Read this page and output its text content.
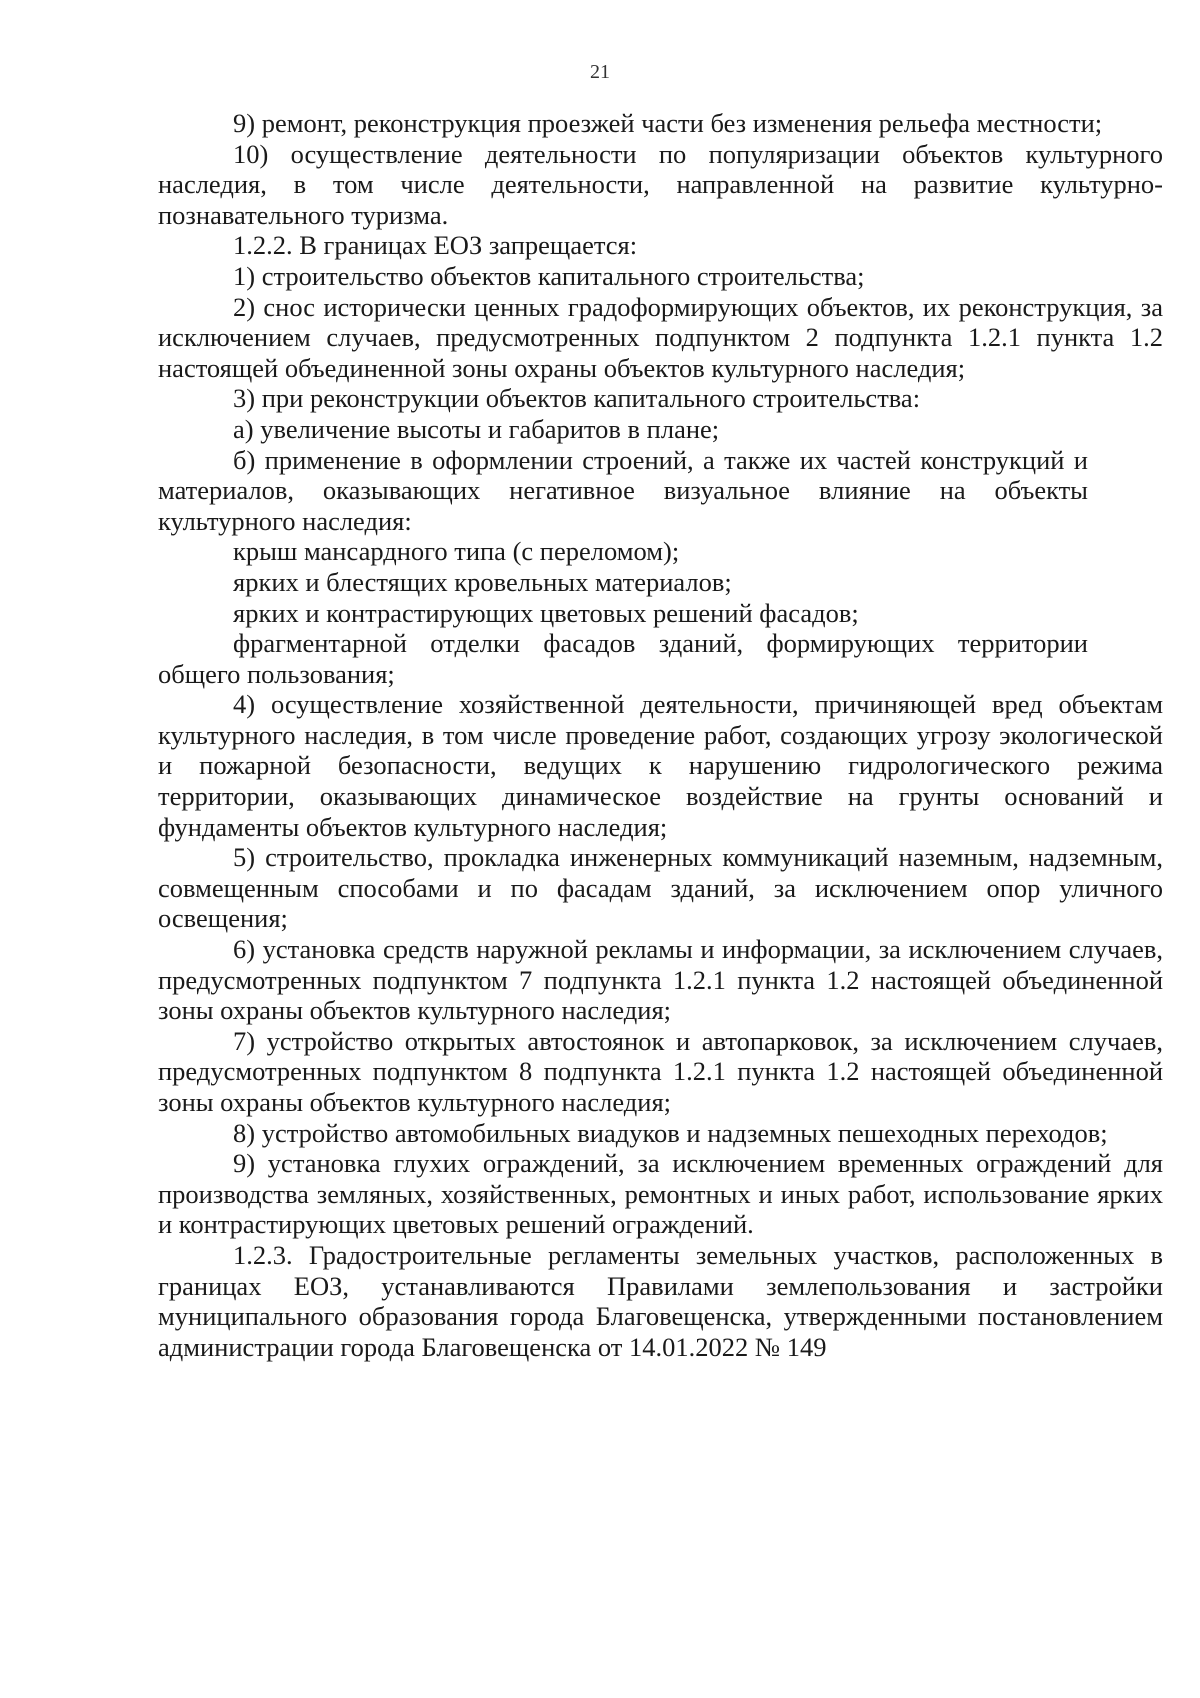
21

9) ремонт, реконструкция проезжей части без изменения рельефа местности;

10) осуществление деятельности по популяризации объектов культурного наследия, в том числе деятельности, направленной на развитие культурно-познавательного туризма.

1.2.2. В границах ЕОЗ запрещается:

1) строительство объектов капитального строительства;

2) снос исторически ценных градоформирующих объектов, их реконструкция, за исключением случаев, предусмотренных подпунктом 2 подпункта 1.2.1 пункта 1.2 настоящей объединенной зоны охраны объектов культурного наследия;

3) при реконструкции объектов капитального строительства:

а) увеличение высоты и габаритов в плане;

б) применение в оформлении строений, а также их частей конструкций и материалов, оказывающих негативное визуальное влияние на объекты культурного наследия:

крыш мансардного типа (с переломом);

ярких и блестящих кровельных материалов;

ярких и контрастирующих цветовых решений фасадов;

фрагментарной отделки фасадов зданий, формирующих территории общего пользования;

4) осуществление хозяйственной деятельности, причиняющей вред объектам культурного наследия, в том числе проведение работ, создающих угрозу экологической и пожарной безопасности, ведущих к нарушению гидрологического режима территории, оказывающих динамическое воздействие на грунты оснований и фундаменты объектов культурного наследия;

5) строительство, прокладка инженерных коммуникаций наземным, надземным, совмещенным способами и по фасадам зданий, за исключением опор уличного освещения;

6) установка средств наружной рекламы и информации, за исключением случаев, предусмотренных подпунктом 7 подпункта 1.2.1 пункта 1.2 настоящей объединенной зоны охраны объектов культурного наследия;

7) устройство открытых автостоянок и автопарковок, за исключением случаев, предусмотренных подпунктом 8 подпункта 1.2.1 пункта 1.2 настоящей объединенной зоны охраны объектов культурного наследия;

8) устройство автомобильных виадуков и надземных пешеходных переходов;

9) установка глухих ограждений, за исключением временных ограждений для производства земляных, хозяйственных, ремонтных и иных работ, использование ярких и контрастирующих цветовых решений ограждений.

1.2.3. Градостроительные регламенты земельных участков, расположенных в границах ЕОЗ, устанавливаются Правилами землепользования и застройки муниципального образования города Благовещенска, утвержденными постановлением администрации города Благовещенска от 14.01.2022 № 149
